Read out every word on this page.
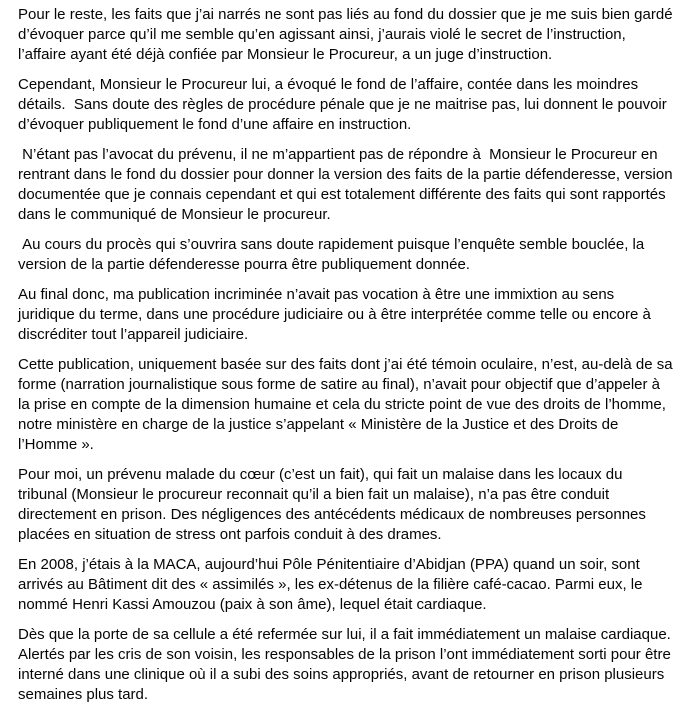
Pour le reste, les faits que j’ai narrés ne sont pas liés au fond du dossier que je me suis bien gardé d’évoquer parce qu’il me semble qu’en agissant ainsi, j’aurais violé le secret de l’instruction, l’affaire ayant été déjà confiée par Monsieur le Procureur, a un juge d’instruction.

Cependant, Monsieur le Procureur lui, a évoqué le fond de l’affaire, contée dans les moindres détails.  Sans doute des règles de procédure pénale que je ne maitrise pas, lui donnent le pouvoir d’évoquer publiquement le fond d’une affaire en instruction.

N’étant pas l’avocat du prévenu, il ne m’appartient pas de répondre à  Monsieur le Procureur en rentrant dans le fond du dossier pour donner la version des faits de la partie défenderesse, version documentée que je connais cependant et qui est totalement différente des faits qui sont rapportés dans le communiqué de Monsieur le procureur.

Au cours du procès qui s’ouvrira sans doute rapidement puisque l’enquête semble bouclée, la version de la partie défenderesse pourra être publiquement donnée.

Au final donc, ma publication incriminée n’avait pas vocation à être une immixtion au sens juridique du terme, dans une procédure judiciaire ou à être interprétée comme telle ou encore à discréditer tout l’appareil judiciaire.

Cette publication, uniquement basée sur des faits dont j’ai été témoin oculaire, n’est, au-delà de sa forme (narration journalistique sous forme de satire au final), n’avait pour objectif que d’appeler à la prise en compte de la dimension humaine et cela du stricte point de vue des droits de l’homme, notre ministère en charge de la justice s’appelant « Ministère de la Justice et des Droits de l’Homme ».

Pour moi, un prévenu malade du cœur (c’est un fait), qui fait un malaise dans les locaux du tribunal (Monsieur le procureur reconnait qu’il a bien fait un malaise), n’a pas être conduit directement en prison. Des négligences des antécédents médicaux de nombreuses personnes placées en situation de stress ont parfois conduit à des drames.

En 2008, j’étais à la MACA, aujourd’hui Pôle Pénitentiaire d’Abidjan (PPA) quand un soir, sont arrivés au Bâtiment dit des « assimilés », les ex-détenus de la filière café-cacao. Parmi eux, le nommé Henri Kassi Amouzou (paix à son âme), lequel était cardiaque.

Dès que la porte de sa cellule a été refermée sur lui, il a fait immédiatement un malaise cardiaque. Alertés par les cris de son voisin, les responsables de la prison l’ont immédiatement sorti pour être interné dans une clinique où il a subi des soins appropriés, avant de retourner en prison plusieurs semaines plus tard.
